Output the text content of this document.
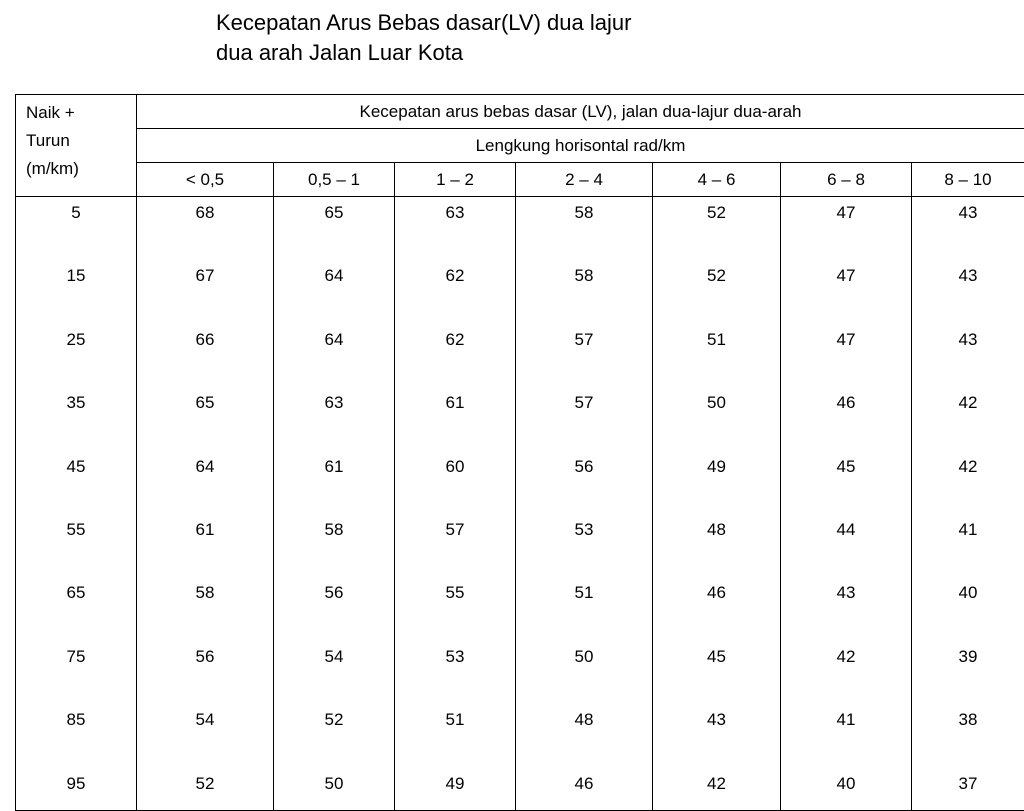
Kecepatan Arus Bebas dasar(LV) dua lajur
dua arah Jalan Luar Kota
Naik +
Turun
(m/km)	Kecepatan arus bebas dasar (LV), jalan dua-lajur dua-arah						
	Lengkung horisontal rad/km						
	< 0,5	0,5 – 1	1 – 2	2 – 4	4 – 6	6 – 8	8 – 10
5	68	65	63	58	52	47	43
15	67	64	62	58	52	47	43
25	66	64	62	57	51	47	43
35	65	63	61	57	50	46	42
45	64	61	60	56	49	45	42
55	61	58	57	53	48	44	41
65	58	56	55	51	46	43	40
75	56	54	53	50	45	42	39
85	54	52	51	48	43	41	38
95	52	50	49	46	42	40	37
